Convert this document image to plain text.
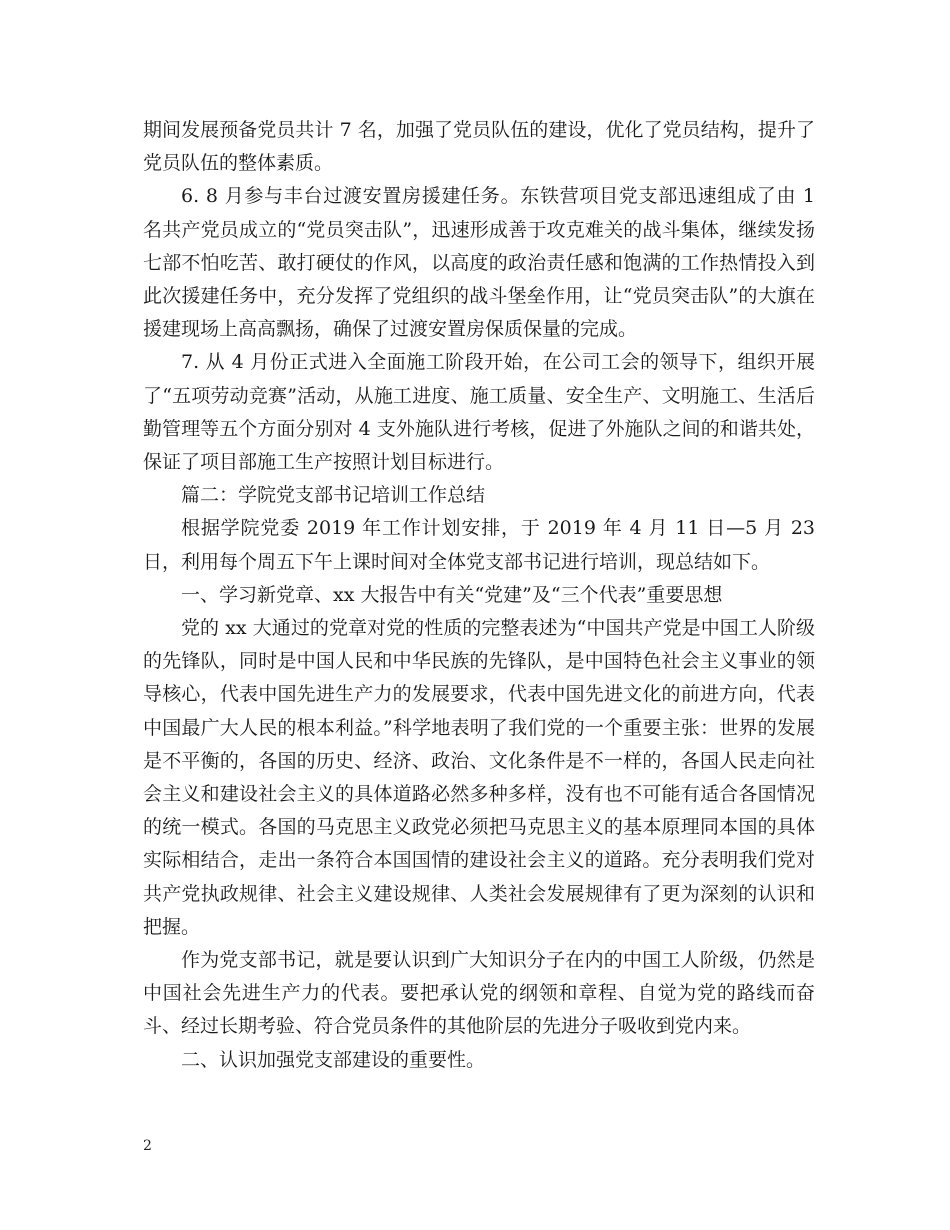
期间发展预备党员共计 7 名，加强了党员队伍的建设，优化了党员结构，提升了党员队伍的整体素质。

6. 8 月参与丰台过渡安置房援建任务。东铁营项目党支部迅速组成了由 1 名共产党员成立的“党员突击队”，迅速形成善于攻克难关的战斗集体，继续发扬七部不怕吃苦、敢打硬仗的作风，以高度的政治责任感和饱满的工作热情投入到此次援建任务中，充分发挥了党组织的战斗堡垒作用，让“党员突击队”的大旗在援建现场上高高飘扬，确保了过渡安置房保质保量的完成。

7. 从 4 月份正式进入全面施工阶段开始，在公司工会的领导下，组织开展了“五项劳动竞赛”活动，从施工进度、施工质量、安全生产、文明施工、生活后勤管理等五个方面分别对 4 支外施队进行考核，促进了外施队之间的和谐共处，保证了项目部施工生产按照计划目标进行。

篇二：学院党支部书记培训工作总结

根据学院党委 2019 年工作计划安排，于 2019 年 4 月 11 日—5 月 23 日，利用每个周五下午上课时间对全体党支部书记进行培训，现总结如下。

一、学习新党章、xx 大报告中有关“党建”及“三个代表”重要思想

党的 xx 大通过的党章对党的性质的完整表述为“中国共产党是中国工人阶级的先锋队，同时是中国人民和中华民族的先锋队，是中国特色社会主义事业的领导核心，代表中国先进生产力的发展要求，代表中国先进文化的前进方向，代表中国最广大人民的根本利益。”科学地表明了我们党的一个重要主张：世界的发展是不平衡的，各国的历史、经济、政治、文化条件是不一样的，各国人民走向社会主义和建设社会主义的具体道路必然多种多样，没有也不可能有适合各国情况的统一模式。各国的马克思主义政党必须把马克思主义的基本原理同本国的具体实际相结合，走出一条符合本国国情的建设社会主义的道路。充分表明我们党对共产党执政规律、社会主义建设规律、人类社会发展规律有了更为深刻的认识和把握。

作为党支部书记，就是要认识到广大知识分子在内的中国工人阶级，仍然是中国社会先进生产力的代表。要把承认党的纲领和章程、自觉为党的路线而奋斗、经过长期考验、符合党员条件的其他阶层的先进分子吸收到党内来。

二、认识加强党支部建设的重要性。

2
